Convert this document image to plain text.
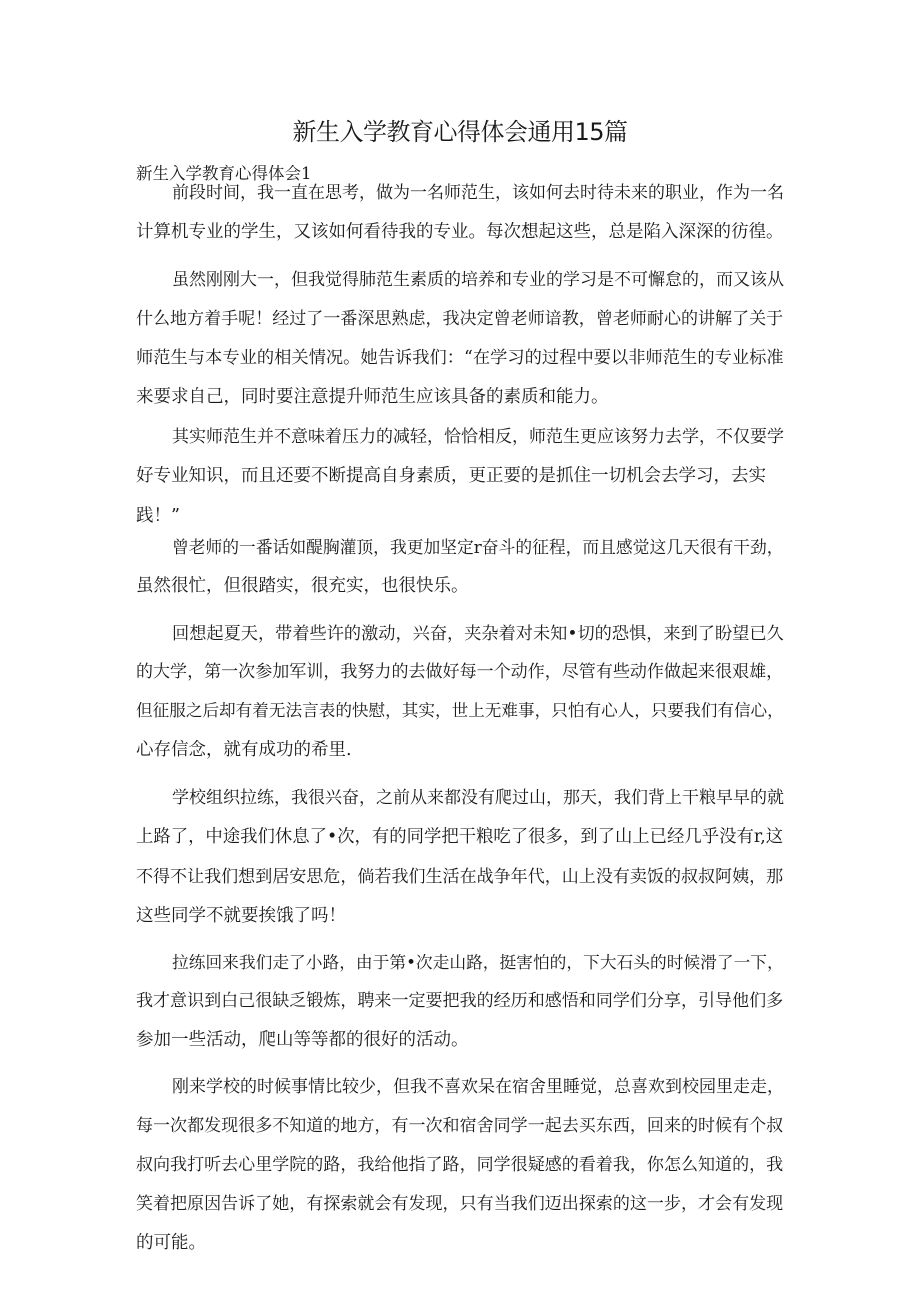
新生入学教育心得体会通用15篇
新生入学教育心得体会1
前段时间，我一直在思考，做为一名师范生，该如何去时待未来的职业，作为一名
计算机专业的学生，又该如何看待我的专业。每次想起这些，总是陷入深深的彷徨。
虽然刚刚大一，但我觉得肺范生素质的培养和专业的学习是不可懈怠的，而又该从
什么地方着手呢！经过了一番深思熟虑，我决定曾老师谙教，曾老师耐心的讲解了关于
师范生与本专业的相关情况。她告诉我们：“在学习的过程中要以非师范生的专业标准
来要求自己，同时要注意提升师范生应该具备的素质和能力。
其实师范生并不意味着压力的减轻，恰恰相反，师范生更应该努力去学，不仅要学
好专业知识，而且还要不断提高自身素质，更正要的是抓住一切机会去学习，去实
践！”
曾老师的一番话如醍胸灌顶，我更加坚定r奋斗的征程，而且感觉这几天很有干劲，
虽然很忙，但很踏实，很充实，也很快乐。
回想起夏天，带着些许的激动，兴奋，夹杂着对未知•切的恐惧，来到了盼望已久
的大学，第一次参加军训，我努力的去做好每一个动作，尽管有些动作做起来很艰雄，
但征服之后却有着无法言表的快慰，其实，世上无难事，只怕有心人，只要我们有信心，
心存信念，就有成功的希里.
学校组织拉练，我很兴奋，之前从来都没有爬过山，那天，我们背上干粮早早的就
上路了，中途我们休息了•次，有的同学把干粮吃了很多，到了山上已经几乎没有r,这
不得不让我们想到居安思危，倘若我们生活在战争年代，山上没有卖饭的叔叔阿姨，那
这些同学不就要挨饿了吗！
拉练回来我们走了小路，由于第•次走山路，挺害怕的，下大石头的时候滑了一下，
我才意识到白己很缺乏锻炼，聘来一定要把我的经历和感悟和同学们分享，引导他们多
参加一些活动，爬山等等都的很好的活动。
刚来学校的时候事情比较少，但我不喜欢呆在宿舍里睡觉，总喜欢到校园里走走，
每一次都发现很多不知道的地方，有一次和宿舍同学一起去买东西，回来的时候有个叔
叔向我打听去心里学院的路，我给他指了路，同学很疑感的看着我，你怎么知道的，我
笑着把原因告诉了她，有探索就会有发现，只有当我们迈出探索的这一步，才会有发现
的可能。
